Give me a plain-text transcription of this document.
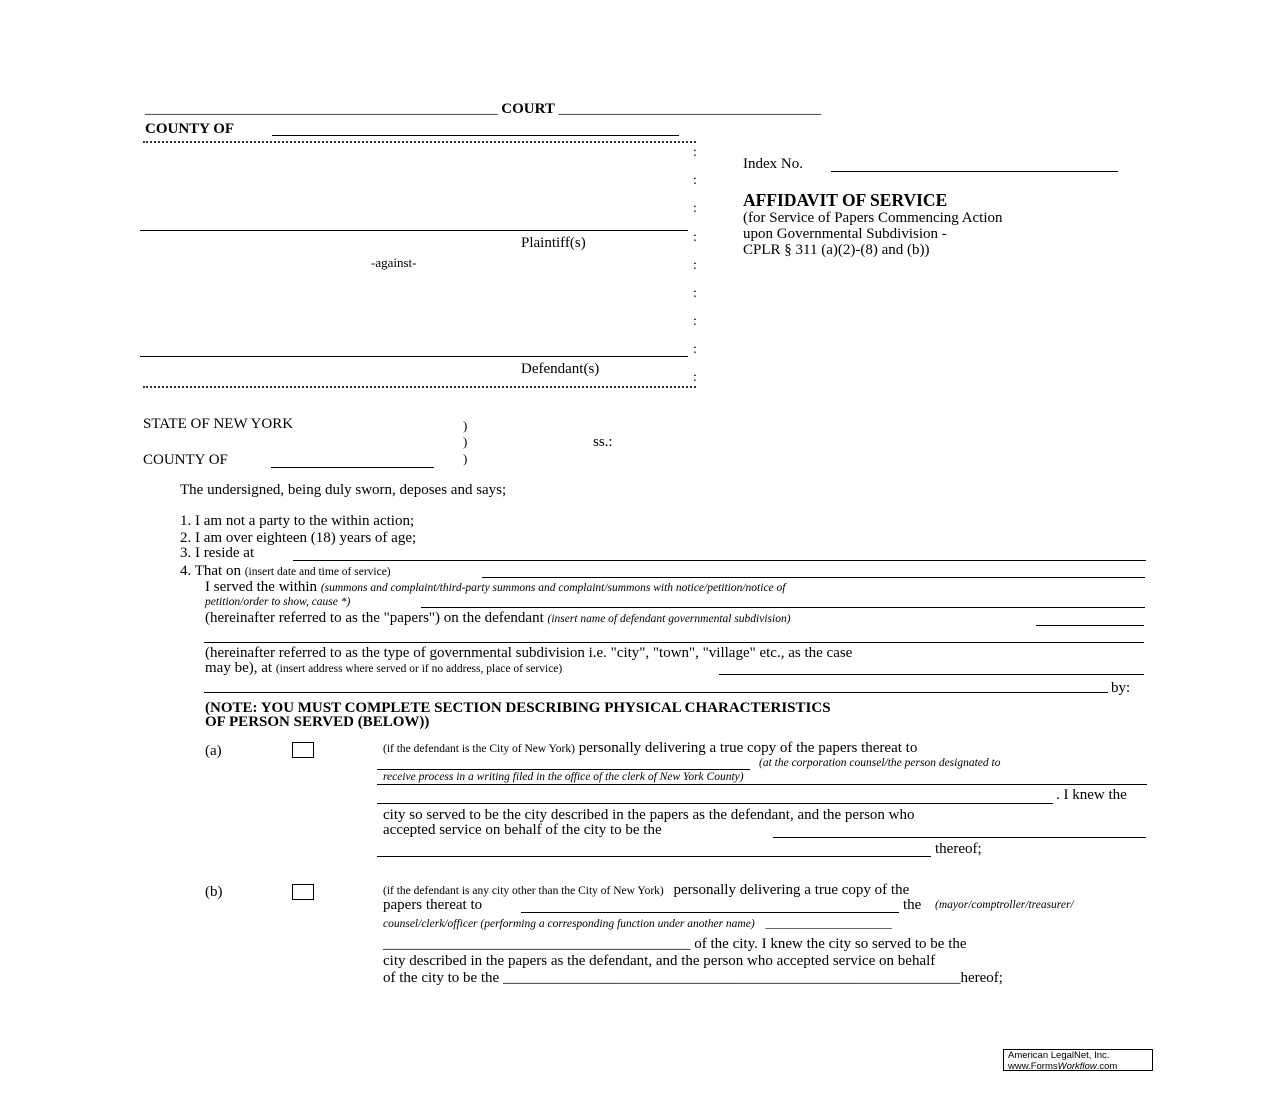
_______________________________________________ COURT ___________________________________
COUNTY OF
:
:
:
:
:
:
:
:
:
Plaintiff(s)
-against-
Defendant(s)
Index No.
AFFIDAVIT OF SERVICE
(for Service of Papers Commencing Action
upon Governmental Subdivision -
CPLR § 311 (a)(2)-(8) and (b))
STATE OF NEW YORK	)
)
)
ss.:
COUNTY OF
The undersigned, being duly sworn, deposes and says;
1. I am not a party to the within action;
2. I am over eighteen (18) years of age;
3. I reside at
4. That on (insert date and time of service)
I served the within (summons and complaint/third-party summons and complaint/summons with notice/petition/notice of
petition/order to show, cause *)
(hereinafter referred to as the "papers") on the defendant (insert name of defendant governmental subdivision)
(hereinafter referred to as the type of governmental subdivision i.e. "city", "town", "village" etc., as the case
may be), at (insert address where served or if no address, place of service)
by:
(NOTE: YOU MUST COMPLETE SECTION DESCRIBING PHYSICAL CHARACTERISTICS
OF PERSON SERVED (BELOW))
(a)	(if the defendant is the City of New York) personally delivering a true copy of the papers thereat to
(at the corporation counsel/the person designated to
receive process in a writing filed in the office of the clerk of New York County)
. I knew the
city so served to be the city described in the papers as the defendant, and the person who
accepted service on behalf of the city to be the
thereof;
(b)	(if the defendant is any city other than the City of New York) personally delivering a true copy of the
papers thereat to	the (mayor/comptroller/treasurer/
counsel/clerk/officer (performing a corresponding function under another name) ______________________
_________________________________________ of the city. I knew the city so served to be the
city described in the papers as the defendant, and the person who accepted service on behalf
of the city to be the _____________________________________________________________hereof;
American LegalNet, Inc.
www.FormsWorkflow.com
